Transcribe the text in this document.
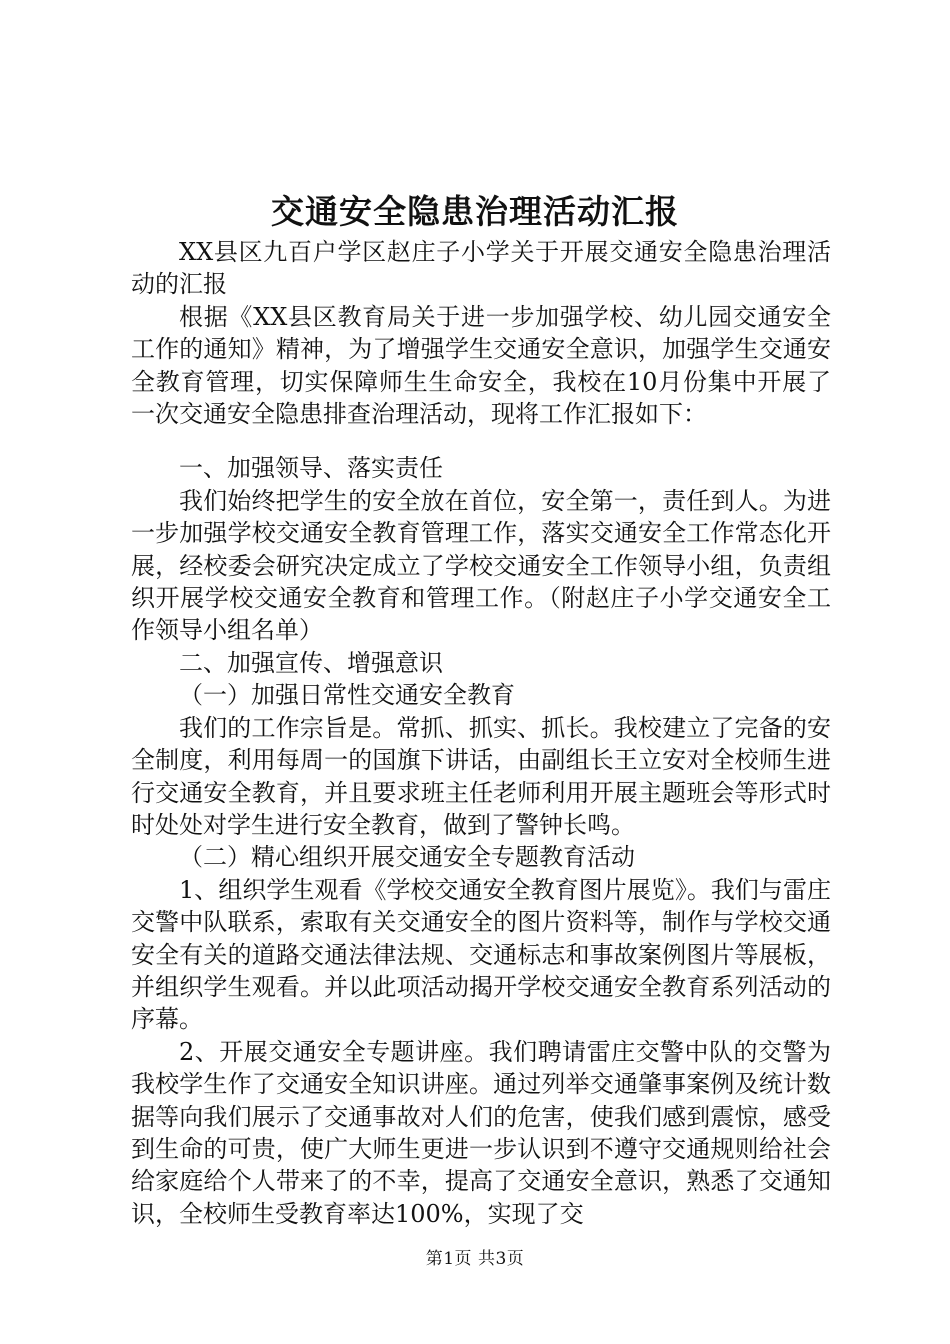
交通安全隐患治理活动汇报

XX县区九百户学区赵庄子小学关于开展交通安全隐患治理活动的汇报

根据《XX县区教育局关于进一步加强学校、幼儿园交通安全工作的通知》精神，为了增强学生交通安全意识，加强学生交通安全教育管理，切实保障师生生命安全，我校在10月份集中开展了一次交通安全隐患排查治理活动，现将工作汇报如下：

一、加强领导、落实责任

我们始终把学生的安全放在首位，安全第一，责任到人。为进一步加强学校交通安全教育管理工作，落实交通安全工作常态化开展，经校委会研究决定成立了学校交通安全工作领导小组，负责组织开展学校交通安全教育和管理工作。（附赵庄子小学交通安全工作领导小组名单）

二、加强宣传、增强意识

（一）加强日常性交通安全教育

我们的工作宗旨是。常抓、抓实、抓长。我校建立了完备的安全制度，利用每周一的国旗下讲话，由副组长王立安对全校师生进行交通安全教育，并且要求班主任老师利用开展主题班会等形式时时处处对学生进行安全教育，做到了警钟长鸣。

（二）精心组织开展交通安全专题教育活动

1、组织学生观看《学校交通安全教育图片展览》。我们与雷庄交警中队联系，索取有关交通安全的图片资料等，制作与学校交通安全有关的道路交通法律法规、交通标志和事故案例图片等展板，并组织学生观看。并以此项活动揭开学校交通安全教育系列活动的序幕。

2、开展交通安全专题讲座。我们聘请雷庄交警中队的交警为我校学生作了交通安全知识讲座。通过列举交通肇事案例及统计数据等向我们展示了交通事故对人们的危害，使我们感到震惊，感受到生命的可贵，使广大师生更进一步认识到不遵守交通规则给社会给家庭给个人带来了的不幸，提高了交通安全意识，熟悉了交通知识，全校师生受教育率达100%，实现了交

第1页 共3页
